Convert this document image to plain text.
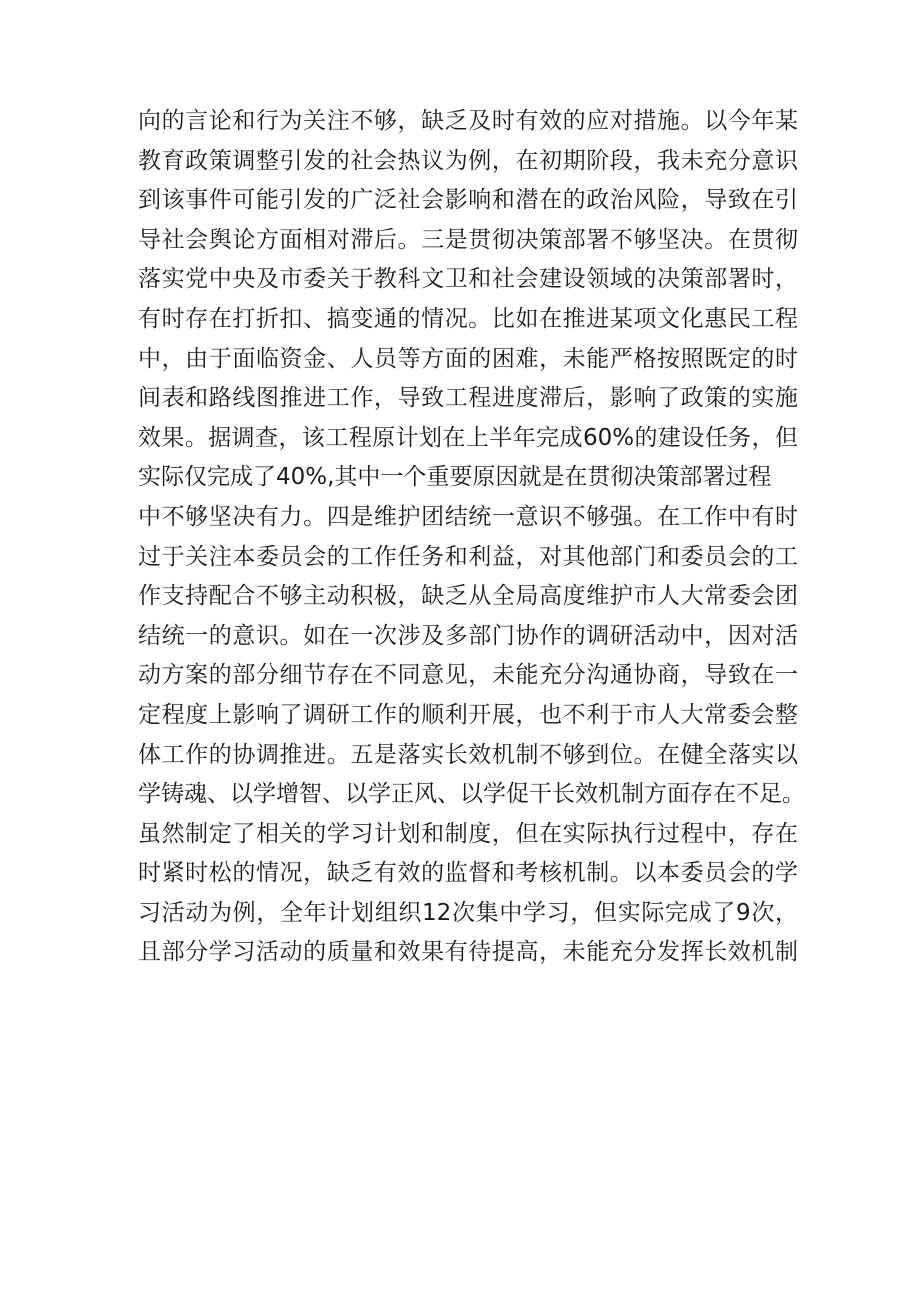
向的言论和行为关注不够，缺乏及时有效的应对措施。以今年某
教育政策调整引发的社会热议为例，在初期阶段，我未充分意识
到该事件可能引发的广泛社会影响和潜在的政治风险，导致在引
导社会舆论方面相对滞后。三是贯彻决策部署不够坚决。在贯彻
落实党中央及市委关于教科文卫和社会建设领域的决策部署时，
有时存在打折扣、搞变通的情况。比如在推进某项文化惠民工程
中，由于面临资金、人员等方面的困难，未能严格按照既定的时
间表和路线图推进工作，导致工程进度滞后，影响了政策的实施
效果。据调查，该工程原计划在上半年完成60%的建设任务，但
实际仅完成了40%,其中一个重要原因就是在贯彻决策部署过程
中不够坚决有力。四是维护团结统一意识不够强。在工作中有时
过于关注本委员会的工作任务和利益，对其他部门和委员会的工
作支持配合不够主动积极，缺乏从全局高度维护市人大常委会团
结统一的意识。如在一次涉及多部门协作的调研活动中，因对活
动方案的部分细节存在不同意见，未能充分沟通协商，导致在一
定程度上影响了调研工作的顺利开展，也不利于市人大常委会整
体工作的协调推进。五是落实长效机制不够到位。在健全落实以
学铸魂、以学增智、以学正风、以学促干长效机制方面存在不足。
虽然制定了相关的学习计划和制度，但在实际执行过程中，存在
时紧时松的情况，缺乏有效的监督和考核机制。以本委员会的学
习活动为例，全年计划组织12次集中学习，但实际完成了9次，
且部分学习活动的质量和效果有待提高，未能充分发挥长效机制
